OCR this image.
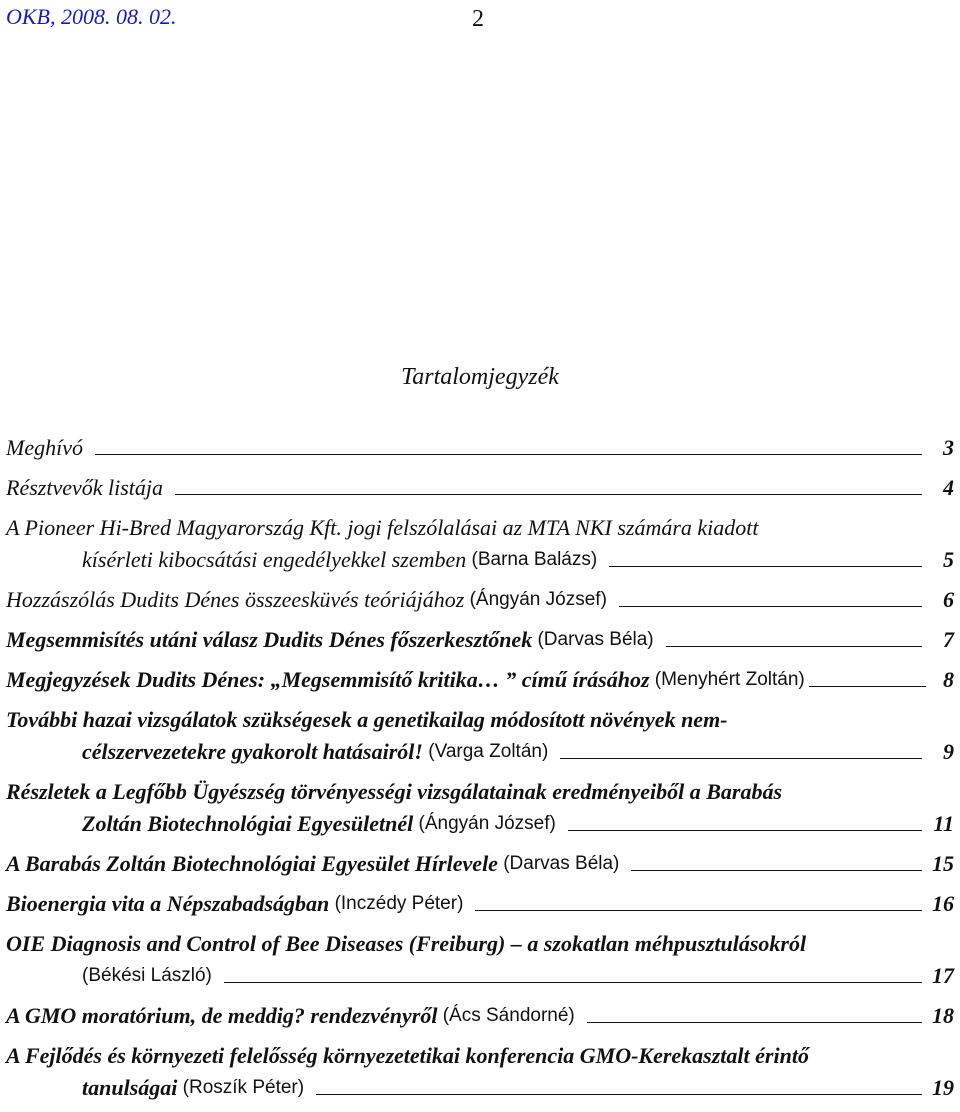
OKB, 2008. 08. 02.	2
Tartalomjegyzék
Meghívó	3
Résztvevők listája	4
A Pioneer Hi-Bred Magyarország Kft. jogi felszólalásai az MTA NKI számára kiadott
kísérleti kibocsátási engedélyekkel szemben (Barna Balázs)	5
Hozzászólás Dudits Dénes összeesküvés teóriájához (Ángyán József)	6
Megsemmisítés utáni válasz Dudits Dénes főszerkesztőnek (Darvas Béla)	7
Megjegyzések Dudits Dénes: „Megsemmisítő kritika… ” című írásához (Menyhért Zoltán)	8
További hazai vizsgálatok szükségesek a genetikailag módosított növények nem-
célszervezetekre gyakorolt hatásairól! (Varga Zoltán)	9
Részletek a Legfőbb Ügyészség törvényességi vizsgálatainak eredményeiből a Barabás
Zoltán Biotechnológiai Egyesületnél (Ángyán József)	11
A Barabás Zoltán Biotechnológiai Egyesület Hírlevele (Darvas Béla)	15
Bioenergia vita a Népszabadságban (Inczédy Péter)	16
OIE Diagnosis and Control of Bee Diseases (Freiburg) – a szokatlan méhpusztulásokról
(Békési László)	17
A GMO moratórium, de meddig? rendezvényről (Ács Sándorné)	18
A Fejlődés és környezeti felelősség környezetetikai konferencia GMO-Kerekasztalt érintő
tanulságai (Roszík Péter)	19
